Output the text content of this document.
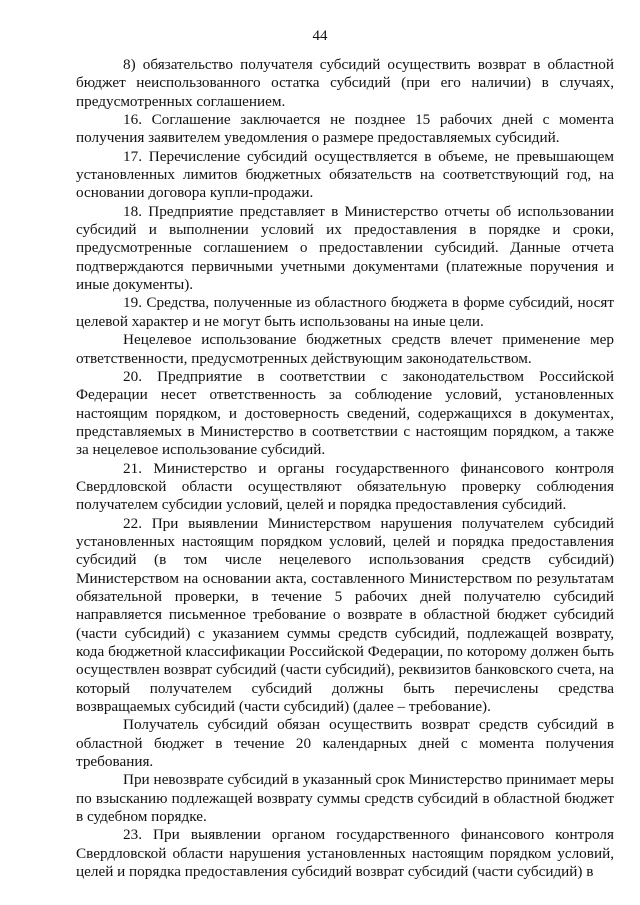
44

8) обязательство получателя субсидий осуществить возврат в областной бюджет неиспользованного остатка субсидий (при его наличии) в случаях, предусмотренных соглашением.

16. Соглашение заключается не позднее 15 рабочих дней с момента получения заявителем уведомления о размере предоставляемых субсидий.

17. Перечисление субсидий осуществляется в объеме, не превышающем установленных лимитов бюджетных обязательств на соответствующий год, на основании договора купли-продажи.

18. Предприятие представляет в Министерство отчеты об использовании субсидий и выполнении условий их предоставления в порядке и сроки, предусмотренные соглашением о предоставлении субсидий. Данные отчета подтверждаются первичными учетными документами (платежные поручения и иные документы).

19. Средства, полученные из областного бюджета в форме субсидий, носят целевой характер и не могут быть использованы на иные цели.

Нецелевое использование бюджетных средств влечет применение мер ответственности, предусмотренных действующим законодательством.

20. Предприятие в соответствии с законодательством Российской Федерации несет ответственность за соблюдение условий, установленных настоящим порядком, и достоверность сведений, содержащихся в документах, представляемых в Министерство в соответствии с настоящим порядком, а также за нецелевое использование субсидий.

21. Министерство и органы государственного финансового контроля Свердловской области осуществляют обязательную проверку соблюдения получателем субсидии условий, целей и порядка предоставления субсидий.

22. При выявлении Министерством нарушения получателем субсидий установленных настоящим порядком условий, целей и порядка предоставления субсидий (в том числе нецелевого использования средств субсидий) Министерством на основании акта, составленного Министерством по результатам обязательной проверки, в течение 5 рабочих дней получателю субсидий направляется письменное требование о возврате в областной бюджет субсидий (части субсидий) с указанием суммы средств субсидий, подлежащей возврату, кода бюджетной классификации Российской Федерации, по которому должен быть осуществлен возврат субсидий (части субсидий), реквизитов банковского счета, на который получателем субсидий должны быть перечислены средства возвращаемых субсидий (части субсидий) (далее – требование).

Получатель субсидий обязан осуществить возврат средств субсидий в областной бюджет в течение 20 календарных дней с момента получения требования.

При невозврате субсидий в указанный срок Министерство принимает меры по взысканию подлежащей возврату суммы средств субсидий в областной бюджет в судебном порядке.

23. При выявлении органом государственного финансового контроля Свердловской области нарушения установленных настоящим порядком условий, целей и порядка предоставления субсидий возврат субсидий (части субсидий) в
